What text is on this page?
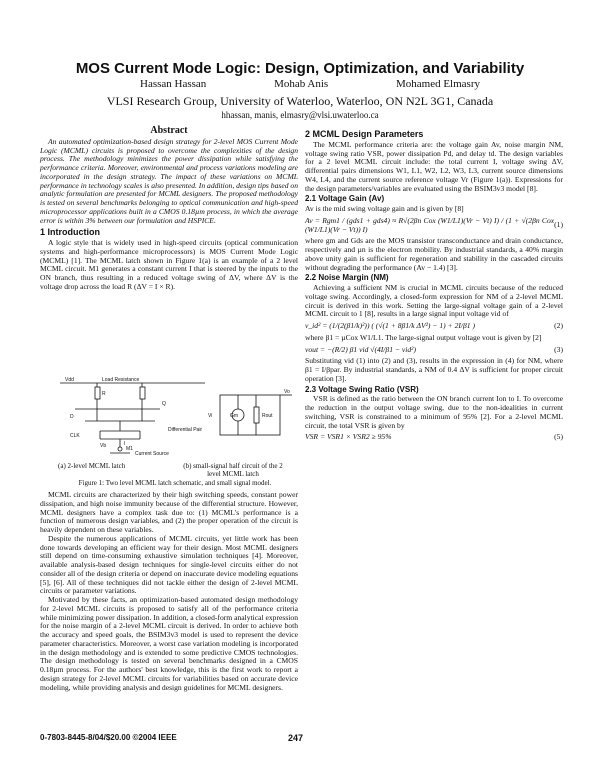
MOS Current Mode Logic: Design, Optimization, and Variability
Hassan Hassan	Mohab Anis	Mohamed Elmasry
VLSI Research Group, University of Waterloo, Waterloo, ON N2L 3G1, Canada
hhassan, manis, elmasry@vlsi.uwaterloo.ca
Abstract

An automated optimization-based design strategy for 2-level MOS Current Mode Logic (MCML) circuits is proposed to overcome the complexities of the design process. The methodology minimizes the power dissipation while satisfying the performance criteria. Moreover, environmental and process variations modeling are incorporated in the design strategy. The impact of these variations on MCML performance in technology scales is also presented. In addition, design tips based on analytic formulation are presented for MCML designers. The proposed methodology is tested on several benchmarks belonging to optical communication and high-speed microprocessor applications built in a CMOS 0.18µm process, in which the average error is within 3% between our formulation and HSPICE.

1 Introduction

A logic style that is widely used in high-speed circuits (optical communication systems and high-performance microprocessors) is MOS Current Mode Logic (MCML) [1]. The MCML latch shown in Figure 1(a) is an example of a 2 level MCML circuit. M1 generates a constant current I that is steered by the inputs to the ON branch, thus resulting in a reduced voltage swing of ΔV, where ΔV is the voltage drop across the load R (ΔV = I × R).

Vdd	Load Resistance
R
Q
D
M1
CLK
Current Source
I
Differential Pair
Vb
Gm	Rout
Vo
Vi
(a) 2-level MCML latch	(b) small-signal half circuit of the 2 level MCML latch
Figure 1: Two level MCML latch schematic, and small signal model.

MCML circuits are characterized by their high switching speeds, constant power dissipation, and high noise immunity because of the differential structure. However, MCML designers have a complex task due to: (1) MCML's performance is a function of numerous design variables, and (2) the proper operation of the circuit is heavily dependent on these variables.

Despite the numerous applications of MCML circuits, yet little work has been done towards developing an efficient way for their design. Most MCML designers still depend on time-consuming exhaustive simulation techniques [4]. Moreover, available analysis-based design techniques for single-level circuits either do not consider all of the design criteria or depend on inaccurate device modeling equations [5], [6]. All of these techniques did not tackle either the design of 2-level MCML circuits or parameter variations.

Motivated by these facts, an optimization-based automated design methodology for 2-level MCML circuits is proposed to satisfy all of the performance criteria while minimizing power dissipation. In addition, a closed-form analytical expression for the noise margin of a 2-level MCML circuit is derived. In order to achieve both the accuracy and speed goals, the BSIM3v3 model is used to represent the device parameter characteristics. Moreover, a worst case variation modeling is incorporated in the design methodology and is extended to some predictive CMOS technologies. The design methodology is tested on several benchmarks designed in a CMOS 0.18µm process. For the authors' best knowledge, this is the first work to report a design strategy for 2-level MCML circuits for variabilities based on accurate device modeling, while providing analysis and design guidelines for MCML designers.

2 MCML Design Parameters

The MCML performance criteria are: the voltage gain Av, noise margin NM, voltage swing ratio VSR, power dissipation Pd, and delay td. The design variables for a 2 level MCML circuit include: the total current I, voltage swing ΔV, differential pairs dimensions W1, L1, W2, L2, W3, L3, current source dimensions W4, L4, and the current source reference voltage Vr (Figure 1(a)). Expressions for the design parameters/variables are evaluated using the BSIM3v3 model [8].

2.1 Voltage Gain (Av)

Av is the mid swing voltage gain and is given by [8]

Av = Rgm1 / (gds1 + gds4) ≈ R√(2βn Cox (W1/L1)(Vr − Vt) I) / (1 + √(2βn Cox (W1/L1)(Vr − Vt)) I)	(1)

where gm and Gds are the MOS transistor transconductance and drain conductance, respectively and µn is the electron mobility. By industrial standards, a 40% margin above unity gain is sufficient for regeneration and stability in the cascaded circuits without degrading the performance (Av − 1.4) [3].

2.2 Noise Margin (NM)

Achieving a sufficient NM is crucial in MCML circuits because of the reduced voltage swing. Accordingly, a closed-form expression for NM of a 2-level MCML circuit is derived in this work. Setting the large-signal voltage gain of a 2-level MCML circuit to 1 [8], results in a large signal input voltage vid of

v_id² = (1/(2(β1/k)²)) ( (√(1 + 8β1/k ΔV²) − 1) + 2I/β1 )	(2)

where β1 = µCox W1/L1. The large-signal output voltage vout is given by [2]

vout = −(R/2) β1 vid √(4I/β1 − vid²)	(3)

Substituting vid (1) into (2) and (3), results in the expression in (4) for NM, where β1 = I/βpar. By industrial standards, a NM of 0.4 ΔV is sufficient for proper circuit operation [3].

2.3 Voltage Swing Ratio (VSR)

VSR is defined as the ratio between the ON branch current Ion to I. To overcome the reduction in the output voltage swing, due to the non-idealities in current switching, VSR is constrained to a minimum of 95% [2]. For a 2-level MCML circuit, the total VSR is given by

VSR = VSR1 × VSR2 ≥ 95%	(5)
0-7803-8445-8/04/$20.00 ©2004 IEEE	247
